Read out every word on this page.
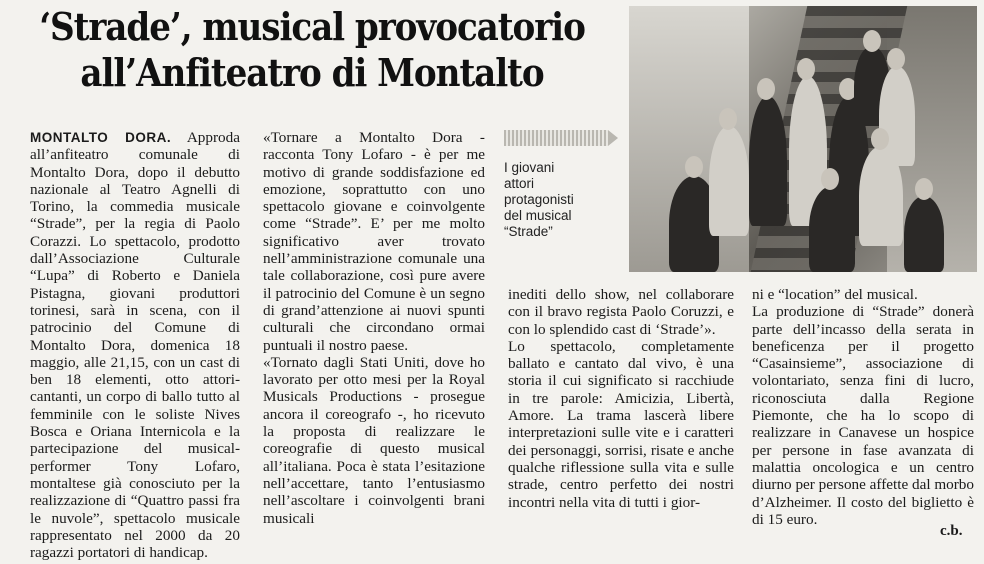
‘Strade’, musical provocatorio
all’Anfiteatro di Montalto
MONTALTO DORA. Approda all’anfiteatro comunale di Montalto Dora, dopo il debutto nazionale al Teatro Agnelli di Torino, la commedia musicale “Strade”, per la regia di Paolo Corazzi. Lo spettacolo, prodotto dall’Associazione Culturale “Lupa” di Roberto e Daniela Pistagna, giovani produttori torinesi, sarà in scena, con il patrocinio del Comune di Montalto Dora, domenica 18 maggio, alle 21,15, con un cast di ben 18 elementi, otto attori-cantanti, un corpo di ballo tutto al femminile con le soliste Nives Bosca e Oriana Internicola e la partecipazione del musical-performer Tony Lofaro, montaltese già conosciuto per la realizzazione di “Quattro passi fra le nuvole”, spettacolo musicale rappresentato nel 2000 da 20 ragazzi portatori di handicap.
«Tornare a Montalto Dora - racconta Tony Lofaro - è per me motivo di grande soddisfazione ed emozione, soprattutto con uno spettacolo giovane e coinvolgente come “Strade”. E’ per me molto significativo aver trovato nell’amministrazione comunale una tale collaborazione, così pure avere il patrocinio del Comune è un segno di grand’attenzione ai nuovi spunti culturali che circondano ormai puntuali il nostro paese.
«Tornato dagli Stati Uniti, dove ho lavorato per otto mesi per la Royal Musicals Productions - prosegue ancora il coreografo -, ho ricevuto la proposta di realizzare le coreografie di questo musical all’italiana. Poca è stata l’esitazione nell’accettare, tanto l’entusiasmo nell’ascoltare i coinvolgenti brani musicali
I giovani
attori
protagonisti
del musical
“Strade”
inediti dello show, nel collaborare con il bravo regista Paolo Coruzzi, e con lo splendido cast di ‘Strade’».
Lo spettacolo, completamente ballato e cantato dal vivo, è una storia il cui significato si racchiude in tre parole: Amicizia, Libertà, Amore. La trama lascerà libere interpretazioni sulle vite e i caratteri dei personaggi, sorrisi, risate e anche qualche riflessione sulla vita e sulle strade, centro perfetto dei nostri incontri nella vita di tutti i gior-
ni e “location” del musical.
La produzione di “Strade” donerà parte dell’incasso della serata in beneficenza per il progetto “Casainsieme”, associazione di volontariato, senza fini di lucro, riconosciuta dalla Regione Piemonte, che ha lo scopo di realizzare in Canavese un hospice per persone in fase avanzata di malattia oncologica e un centro diurno per persone affette dal morbo d’Alzheimer. Il costo del biglietto è di 15 euro.
c.b.
